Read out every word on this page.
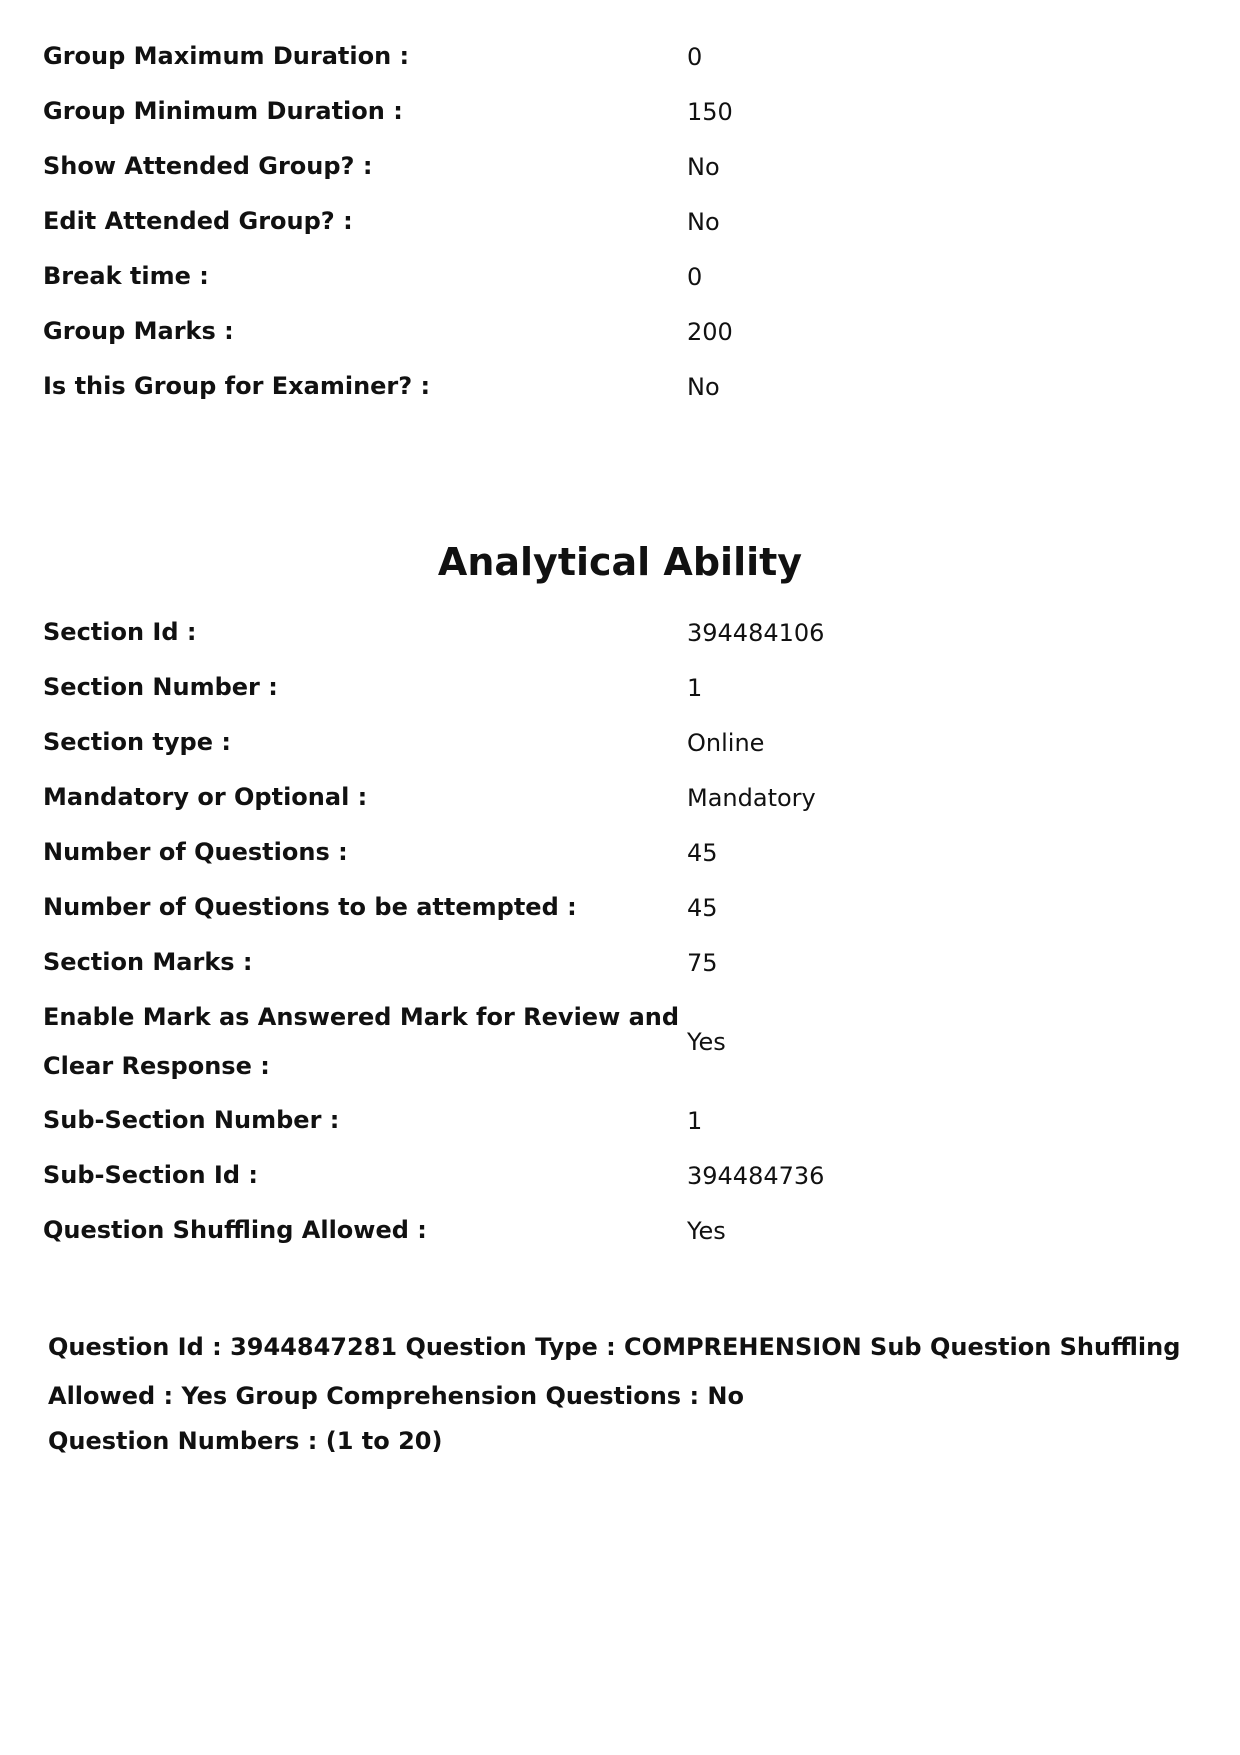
Group Maximum Duration :	0
Group Minimum Duration :	150
Show Attended Group? :	No
Edit Attended Group? :	No
Break time :	0
Group Marks :	200
Is this Group for Examiner? :	No
Analytical Ability
Section Id :	394484106
Section Number :	1
Section type :	Online
Mandatory or Optional :	Mandatory
Number of Questions :	45
Number of Questions to be attempted :	45
Section Marks :	75
Enable Mark as Answered Mark for Review and Clear Response :
Yes
Sub-Section Number :	1
Sub-Section Id :	394484736
Question Shuffling Allowed :	Yes
Question Id : 3944847281 Question Type : COMPREHENSION Sub Question Shuffling Allowed : Yes Group Comprehension Questions : No
Question Numbers : (1 to 20)
